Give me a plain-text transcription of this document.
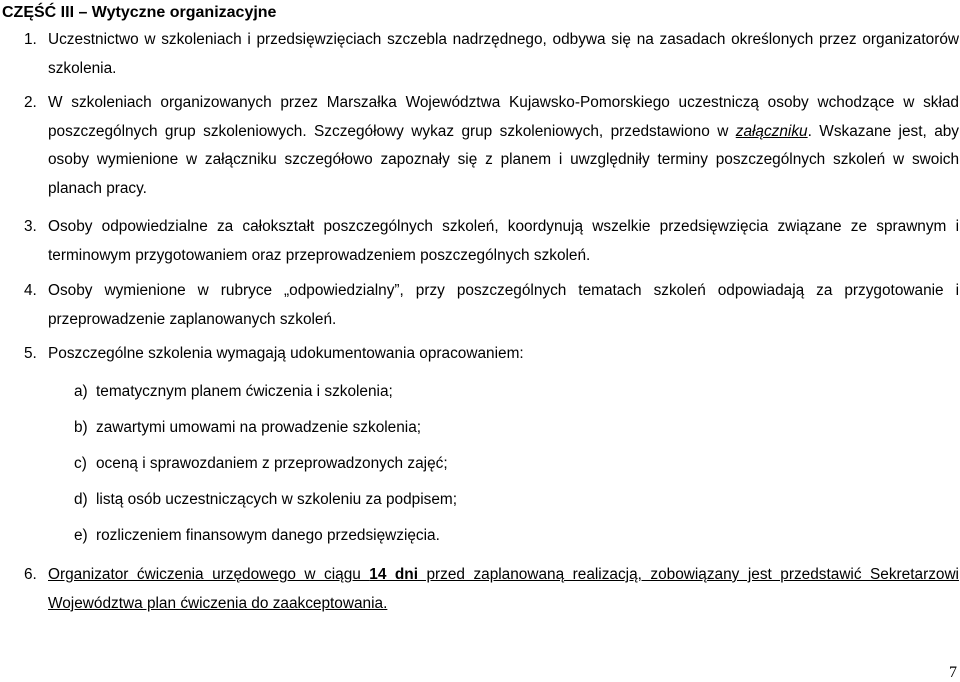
CZĘŚĆ III – Wytyczne organizacyjne
1. Uczestnictwo w szkoleniach i przedsięwzięciach szczebla nadrzędnego, odbywa się na zasadach określonych przez organizatorów szkolenia.
2. W szkoleniach organizowanych przez Marszałka Województwa Kujawsko-Pomorskiego uczestniczą osoby wchodzące w skład poszczególnych grup szkoleniowych. Szczegółowy wykaz grup szkoleniowych, przedstawiono w załączniku. Wskazane jest, aby osoby wymienione w załączniku szczegółowo zapoznały się z planem i uwzględniły terminy poszczególnych szkoleń w swoich planach pracy.
3. Osoby odpowiedzialne za całokształt poszczególnych szkoleń, koordynują wszelkie przedsięwzięcia związane ze sprawnym i terminowym przygotowaniem oraz przeprowadzeniem poszczególnych szkoleń.
4. Osoby wymienione w rubryce „odpowiedzialny”, przy poszczególnych tematach szkoleń odpowiadają za przygotowanie i przeprowadzenie zaplanowanych szkoleń.
5. Poszczególne szkolenia wymagają udokumentowania opracowaniem:
a) tematycznym planem ćwiczenia i szkolenia;
b) zawartymi umowami na prowadzenie szkolenia;
c) oceną i sprawozdaniem z przeprowadzonych zajęć;
d) listą osób uczestniczących w szkoleniu za podpisem;
e) rozliczeniem finansowym danego przedsięwzięcia.
6. Organizator ćwiczenia urzędowego w ciągu 14 dni przed zaplanowaną realizacją, zobowiązany jest przedstawić Sekretarzowi Województwa plan ćwiczenia do zaakceptowania.
7
